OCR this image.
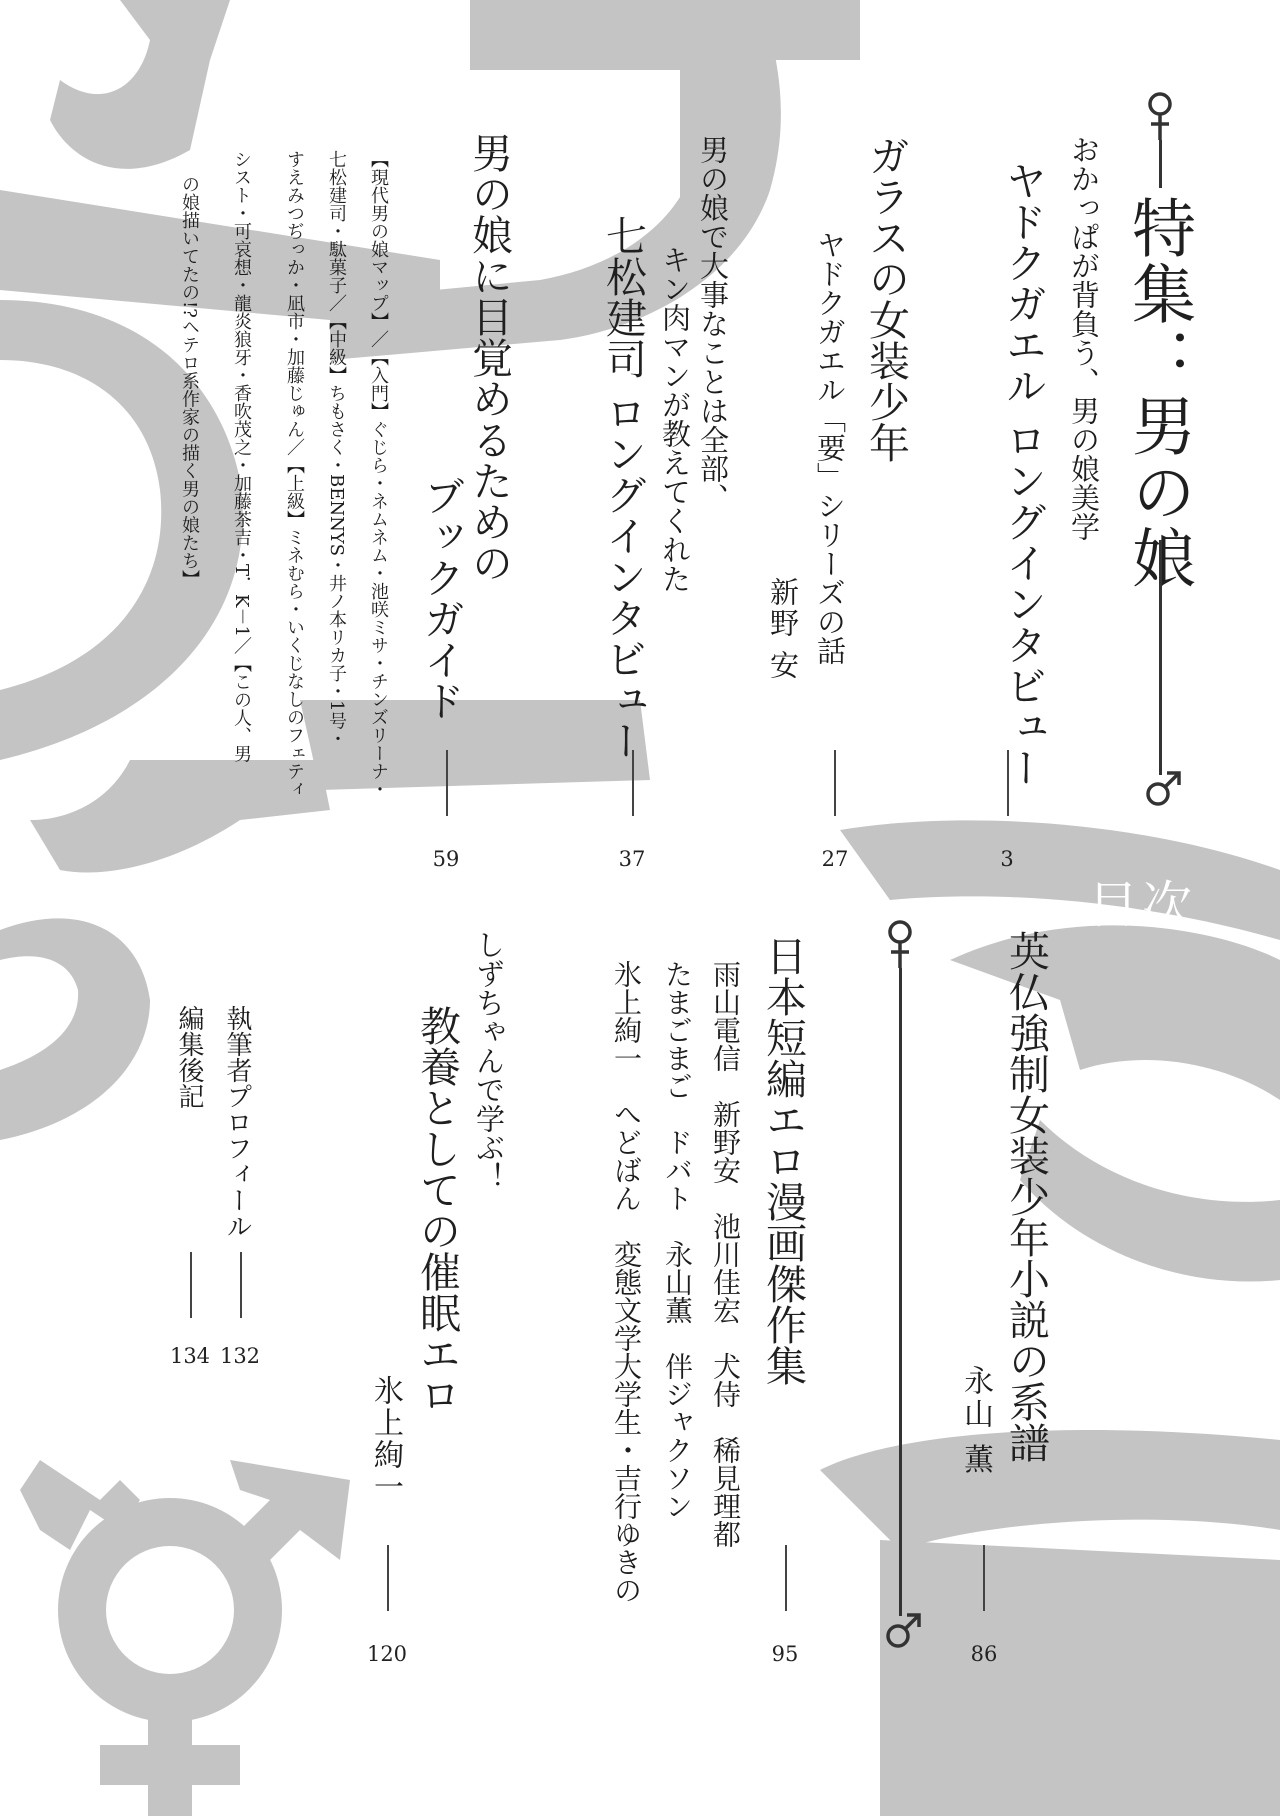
目次
特集：男の娘
おかっぱが背負う、男の娘美学
ヤドクガエル ロングインタビュー
3
ガラスの女装少年
ヤドクガエル「要」シリーズの話
新野 安
27
男の娘で大事なことは全部、
キン肉マンが教えてくれた
七松建司 ロングインタビュー
37
男の娘に目覚めるための
ブックガイド
59
【現代男の娘マップ】／【入門】ぐじら・ネムネム・池咲ミサ・チンズリーナ・
七松建司・駄菓子／【中級】ちもさく・BENNYS・井ノ本リカ子・1号・
すえみつぢっか・凪市・加藤じゅん／【上級】ミネむら・いくじなしのフェティ
シスト・可哀想・龍炎狼牙・香吹茂之・加藤茶吉・T．K－1／【この人、男
の娘描いてたの!?ヘテロ系作家の描く男の娘たち】
英仏強制女装少年小説の系譜
永山 薫
86
日本短編エロ漫画傑作集
雨山電信　新野安　池川佳宏　犬侍　稀見理都
たまごまご　ドバト　永山薫　伴ジャクソン
氷上絢一　へどばん　変態文学大学生・吉行ゆきの
95
しずちゃんで学ぶ！
教養としての催眠エロ
氷上絢一
120
執筆者プロフィール
132
編集後記
134
